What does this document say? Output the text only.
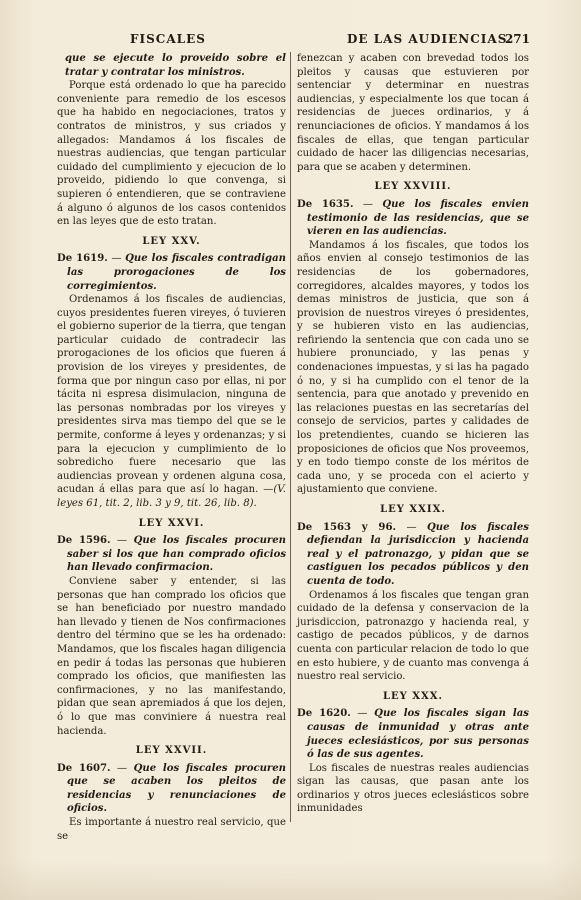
FISCALES	DE LAS AUDIENCIAS.
271

que se ejecute lo proveido sobre el tratar y contratar los ministros.

Porque está ordenado lo que ha parecido conveniente para remedio de los escesos que ha habido en negociaciones, tratos y contratos de ministros, y sus criados y allegados: Mandamos á los fiscales de nuestras audiencias, que tengan particular cuidado del cumplimiento y ejecucion de lo proveido, pidiendo lo que convenga, si supieren ó entendieren, que se contraviene á alguno ó algunos de los casos contenidos en las leyes que de esto tratan.

LEY XXV.

De 1619. — Que los fiscales contradigan las prorogaciones de los corregimientos.

Ordenamos á los fiscales de audiencias, cuyos presidentes fueren vireyes, ó tuvieren el gobierno superior de la tierra, que tengan particular cuidado de contradecir las prorogaciones de los oficios que fueren á provision de los vireyes y presidentes, de forma que por ningun caso por ellas, ni por tácita ni espresa disimulacion, ninguna de las personas nombradas por los vireyes y presidentes sirva mas tiempo del que se le permite, conforme á leyes y ordenanzas; y si para la ejecucion y cumplimiento de lo sobredicho fuere necesario que las audiencias provean y ordenen alguna cosa, acudan á ellas para que así lo hagan. —(V. leyes 61, tit. 2, lib. 3 y 9, tit. 26, lib. 8).

LEY XXVI.

De 1596. — Que los fiscales procuren saber si los que han comprado oficios han llevado confirmacion.

Conviene saber y entender, si las personas que han comprado los oficios que se han beneficiado por nuestro mandado han llevado y tienen de Nos confirmaciones dentro del término que se les ha ordenado: Mandamos, que los fiscales hagan diligencia en pedir á todas las personas que hubieren comprado los oficios, que manifiesten las confirmaciones, y no las manifestando, pidan que sean apremiados á que los dejen, ó lo que mas conviniere á nuestra real hacienda.

LEY XXVII.

De 1607. — Que los fiscales procuren que se acaben los pleitos de residencias y renunciaciones de oficios.

Es importante á nuestro real servicio, que se

fenezcan y acaben con brevedad todos los pleitos y causas que estuvieren por sentenciar y determinar en nuestras audiencias, y especialmente los que tocan á residencias de jueces ordinarios, y á renunciaciones de oficios. Y mandamos á los fiscales de ellas, que tengan particular cuidado de hacer las diligencias necesarias, para que se acaben y determinen.

LEY XXVIII.

De 1635. — Que los fiscales envien testimonio de las residencias, que se vieren en las audiencias.

Mandamos á los fiscales, que todos los años envien al consejo testimonios de las residencias de los gobernadores, corregidores, alcaldes mayores, y todos los demas ministros de justicia, que son á provision de nuestros vireyes ó presidentes, y se hubieren visto en las audiencias, refiriendo la sentencia que con cada uno se hubiere pronunciado, y las penas y condenaciones impuestas, y si las ha pagado ó no, y si ha cumplido con el tenor de la sentencia, para que anotado y prevenido en las relaciones puestas en las secretarías del consejo de servicios, partes y calidades de los pretendientes, cuando se hicieren las proposiciones de oficios que Nos proveemos, y en todo tiempo conste de los méritos de cada uno, y se proceda con el acierto y ajustamiento que conviene.

LEY XXIX.

De 1563 y 96. — Que los fiscales defiendan la jurisdiccion y hacienda real y el patronazgo, y pidan que se castiguen los pecados públicos y den cuenta de todo.

Ordenamos á los fiscales que tengan gran cuidado de la defensa y conservacion de la jurisdiccion, patronazgo y hacienda real, y castigo de pecados públicos, y de darnos cuenta con particular relacion de todo lo que en esto hubiere, y de cuanto mas convenga á nuestro real servicio.

LEY XXX.

De 1620. — Que los fiscales sigan las causas de inmunidad y otras ante jueces eclesiásticos, por sus personas ó las de sus agentes.

Los fiscales de nuestras reales audiencias sigan las causas, que pasan ante los ordinarios y otros jueces eclesiásticos sobre inmunidades
